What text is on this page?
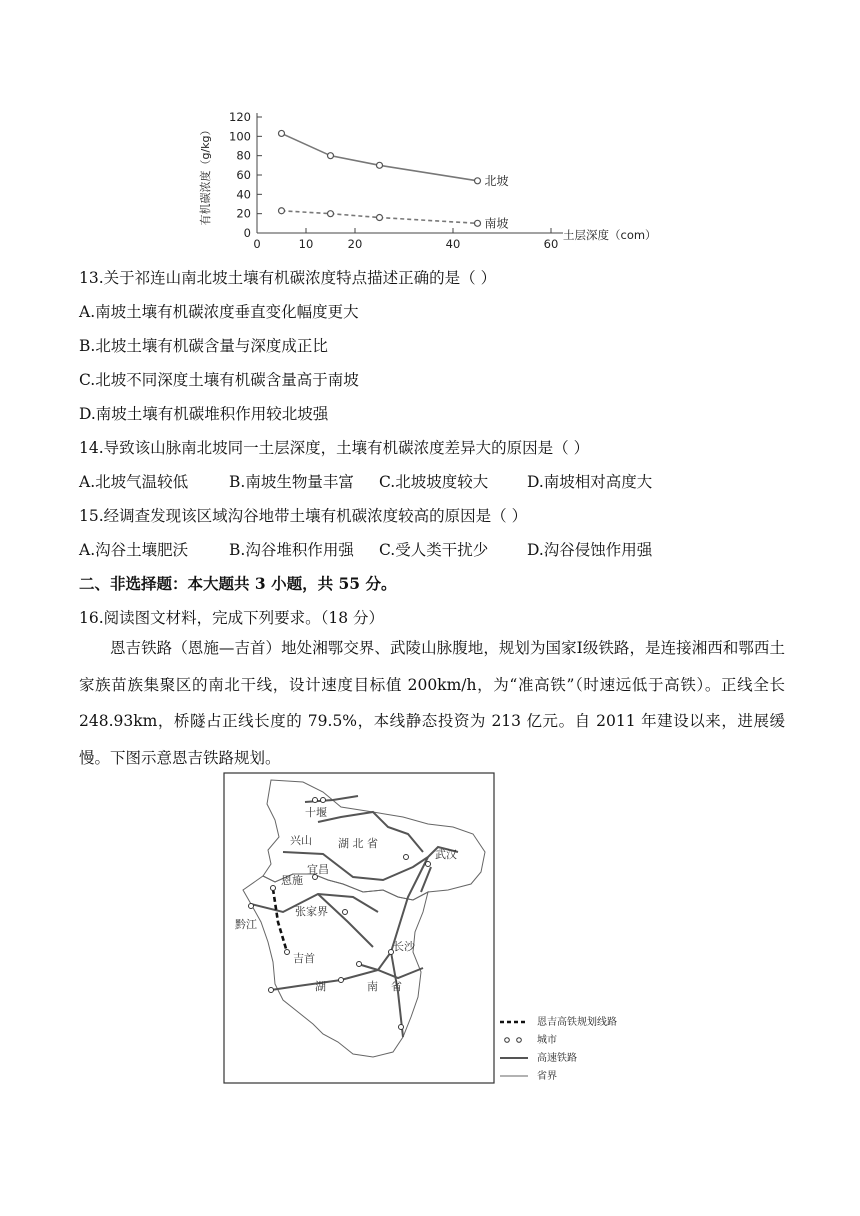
0
20
40
60
80
100
120
0	10	20	40	60
北坡
南坡
有机碳浓度（g/kg）
土层深度（com）
13.关于祁连山南北坡土壤有机碳浓度特点描述正确的是（ ）
A.南坡土壤有机碳浓度垂直变化幅度更大
B.北坡土壤有机碳含量与深度成正比
C.北坡不同深度土壤有机碳含量高于南坡
D.南坡土壤有机碳堆积作用较北坡强
14.导致该山脉南北坡同一土层深度，土壤有机碳浓度差异大的原因是（ ）
A.北坡气温较低	B.南坡生物量丰富 C.北坡坡度较大	D.南坡相对高度大
15.经调查发现该区域沟谷地带土壤有机碳浓度较高的原因是（ ）
A.沟谷土壤肥沃	B.沟谷堆积作用强 C.受人类干扰少	D.沟谷侵蚀作用强
二、非选择题：本大题共 3 小题，共 55 分。
16.阅读图文材料，完成下列要求。（18 分）
恩吉铁路（恩施—吉首）地处湘鄂交界、武陵山脉腹地，规划为国家Ⅰ级铁路，是连接湘西和鄂西土家族苗族集聚区的南北干线，设计速度目标值 200km/h，为“准高铁”（时速远低于高铁）。正线全长 248.93km，桥隧占正线长度的 79.5%，本线静态投资为 213 亿元。自 2011 年建设以来，进展缓慢。下图示意恩吉铁路规划。
十堰
兴山 湖 北 省
武汉
宜昌
恩施
张家界
黔江
长沙
吉首
湖	南 省
恩吉高铁规划线路
城市
高速铁路
省界
